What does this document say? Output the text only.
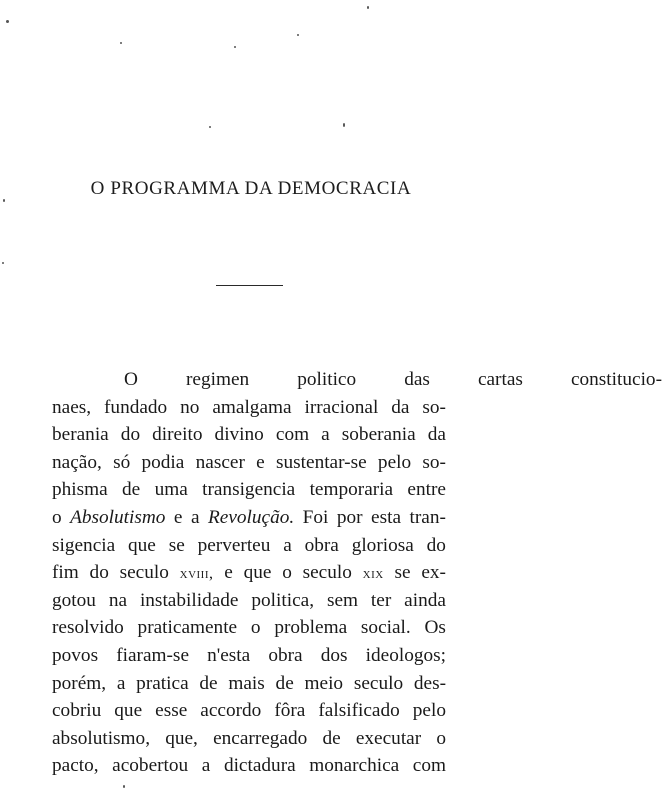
O PROGRAMMA DA DEMOCRACIA
O regimen politico das cartas constitucio-
naes, fundado no amalgama irracional da so-
berania do direito divino com a soberania da
nação, só podia nascer e sustentar-se pelo so-
phisma de uma transigencia temporaria entre
o Absolutismo e a Revolução. Foi por esta tran-
sigencia que se perverteu a obra gloriosa do
fim do seculo xviii, e que o seculo xix se ex-
gotou na instabilidade politica, sem ter ainda
resolvido praticamente o problema social. Os
povos fiaram-se n'esta obra dos ideologos;
porém, a pratica de mais de meio seculo des-
cobriu que esse accordo fôra falsificado pelo
absolutismo, que, encarregado de executar o
pacto, acobertou a dictadura monarchica com
